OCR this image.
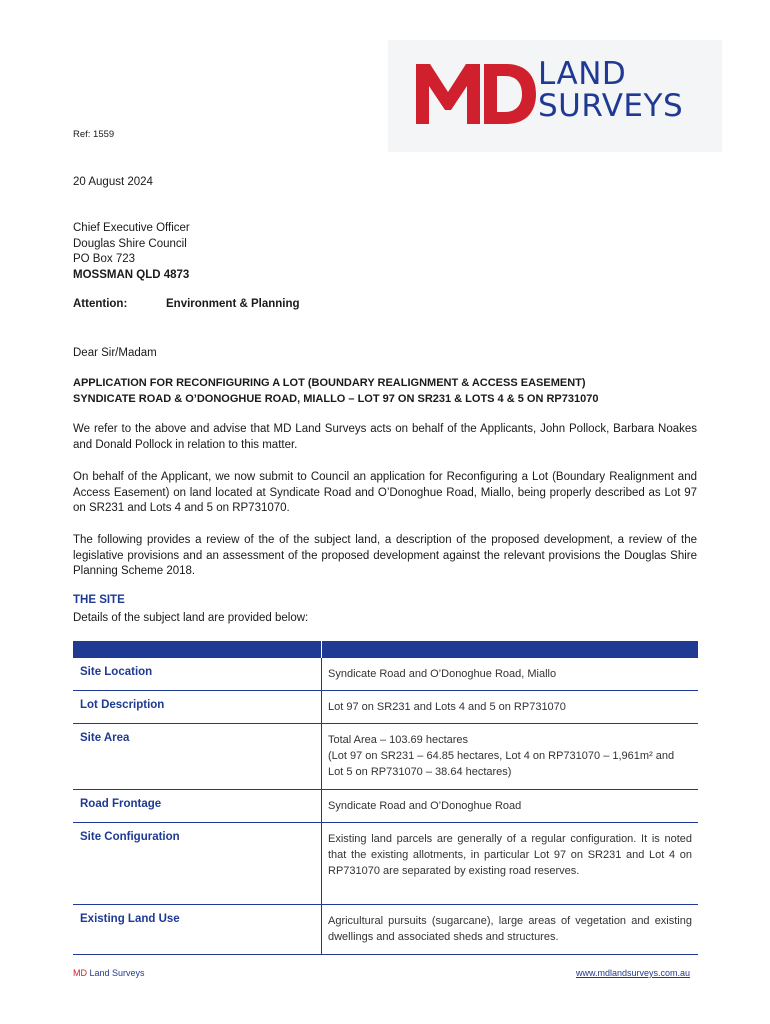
LAND
SURVEYS
Ref: 1559
20 August 2024
Chief Executive Officer
Douglas Shire Council
PO Box 723
MOSSMAN QLD 4873
Attention:	Environment & Planning
Dear Sir/Madam
APPLICATION FOR RECONFIGURING A LOT (BOUNDARY REALIGNMENT & ACCESS EASEMENT)
SYNDICATE ROAD & O’DONOGHUE ROAD, MIALLO – LOT 97 ON SR231 & LOTS 4 & 5 ON RP731070
We refer to the above and advise that MD Land Surveys acts on behalf of the Applicants, John Pollock, Barbara Noakes and Donald Pollock in relation to this matter.
On behalf of the Applicant, we now submit to Council an application for Reconfiguring a Lot (Boundary Realignment and Access Easement) on land located at Syndicate Road and O’Donoghue Road, Miallo, being properly described as Lot 97 on SR231 and Lots 4 and 5 on RP731070.
The following provides a review of the of the subject land, a description of the proposed development, a review of the legislative provisions and an assessment of the proposed development against the relevant provisions the Douglas Shire Planning Scheme 2018.
THE SITE
Details of the subject land are provided below:
Site Location	Syndicate Road and O’Donoghue Road, Miallo
Lot Description	Lot 97 on SR231 and Lots 4 and 5 on RP731070
Site Area	Total Area – 103.69 hectares
(Lot 97 on SR231 – 64.85 hectares, Lot 4 on RP731070 – 1,961m² and Lot 5 on RP731070 – 38.64 hectares)
Road Frontage	Syndicate Road and O’Donoghue Road
Site Configuration	Existing land parcels are generally of a regular configuration. It is noted that the existing allotments, in particular Lot 97 on SR231 and Lot 4 on RP731070 are separated by existing road reserves.
Existing Land Use	Agricultural pursuits (sugarcane), large areas of vegetation and existing dwellings and associated sheds and structures.
MD Land Surveys	www.mdlandsurveys.com.au
